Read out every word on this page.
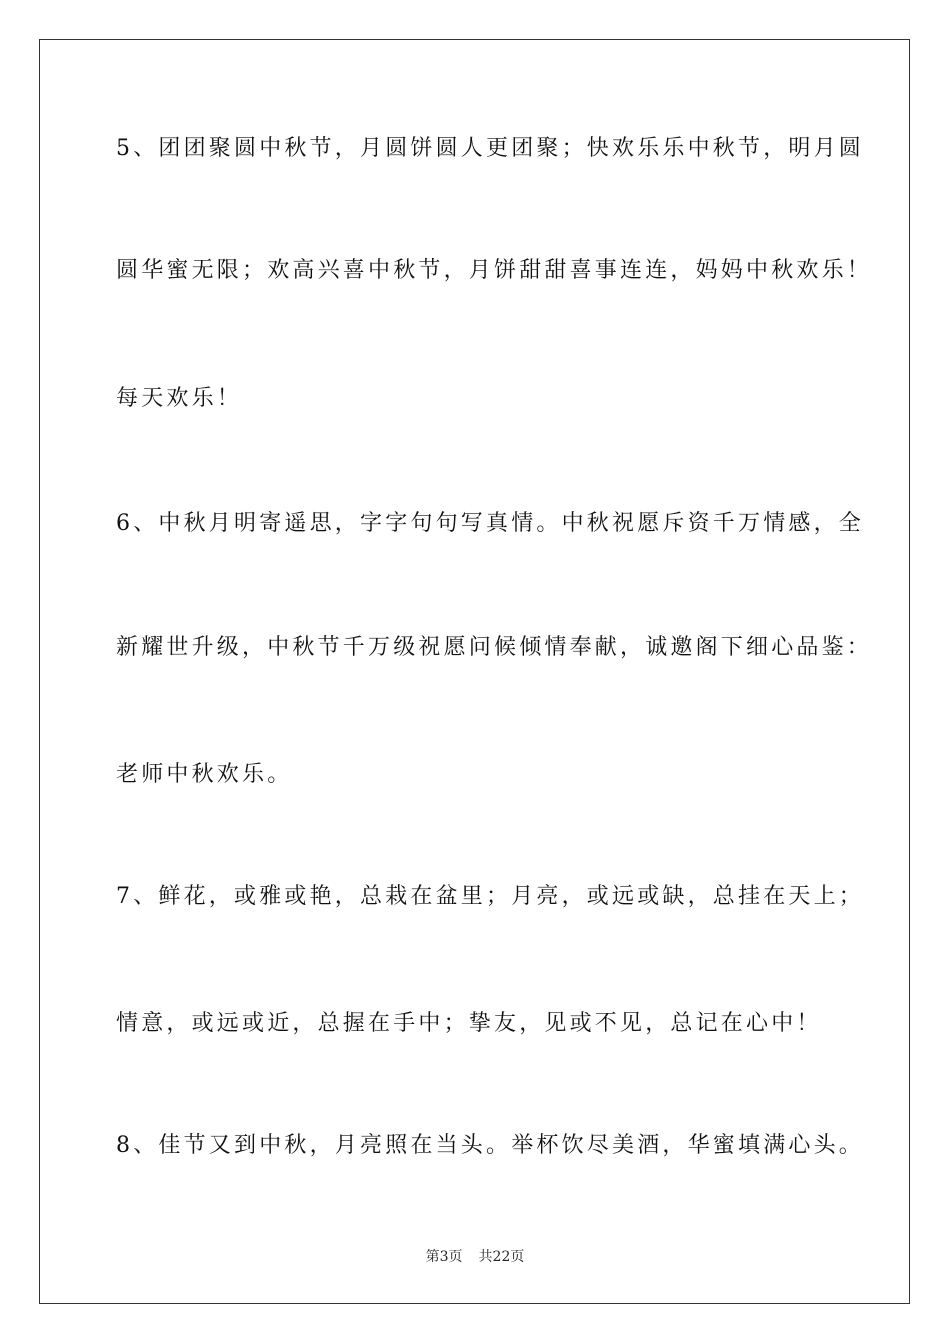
5、团团聚圆中秋节，月圆饼圆人更团聚；快欢乐乐中秋节，明月圆
圆华蜜无限；欢高兴喜中秋节，月饼甜甜喜事连连，妈妈中秋欢乐！
每天欢乐！
6、中秋月明寄遥思，字字句句写真情。中秋祝愿斥资千万情感，全
新耀世升级，中秋节千万级祝愿问候倾情奉献，诚邀阁下细心品鉴：
老师中秋欢乐。
7、鲜花，或雅或艳，总栽在盆里；月亮，或远或缺，总挂在天上；
情意，或远或近，总握在手中；挚友，见或不见，总记在心中！
8、佳节又到中秋，月亮照在当头。举杯饮尽美酒，华蜜填满心头。
第3页 共22页
